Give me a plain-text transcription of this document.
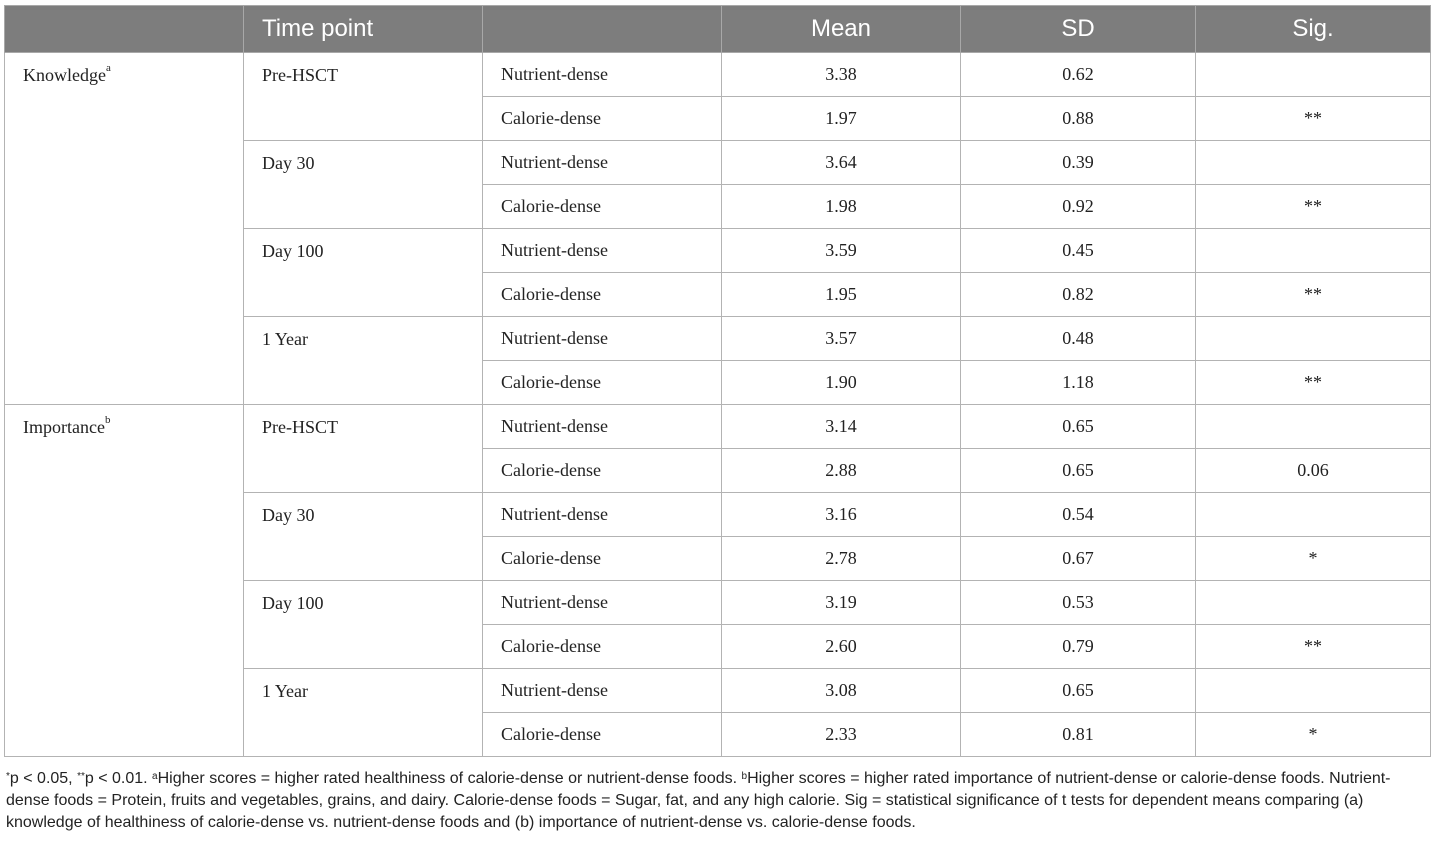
	Time point		Mean	SD	Sig.
Knowledge$^a$	Pre-HSCT	Nutrient-dense	3.38	0.62	
		Calorie-dense	1.97	0.88	**
	Day 30	Nutrient-dense	3.64	0.39	
		Calorie-dense	1.98	0.92	**
	Day 100	Nutrient-dense	3.59	0.45	
		Calorie-dense	1.95	0.82	**
	1 Year	Nutrient-dense	3.57	0.48	
		Calorie-dense	1.90	1.18	**
Importance$^b$	Pre-HSCT	Nutrient-dense	3.14	0.65	
		Calorie-dense	2.88	0.65	0.06
	Day 30	Nutrient-dense	3.16	0.54	
		Calorie-dense	2.78	0.67	*
	Day 100	Nutrient-dense	3.19	0.53	
		Calorie-dense	2.60	0.79	**
	1 Year	Nutrient-dense	3.08	0.65	
		Calorie-dense	2.33	0.81	*

*p < 0.05, **p < 0.01. $^a$Higher scores = higher rated healthiness of calorie-dense or nutrient-dense foods. $^b$Higher scores = higher rated importance of nutrient-dense or calorie-dense foods. Nutrient-dense foods = Protein, fruits and vegetables, grains, and dairy. Calorie-dense foods = Sugar, fat, and any high calorie. Sig = statistical significance of t tests for dependent means comparing (a) knowledge of healthiness of calorie-dense vs. nutrient-dense foods and (b) importance of nutrient-dense vs. calorie-dense foods.
